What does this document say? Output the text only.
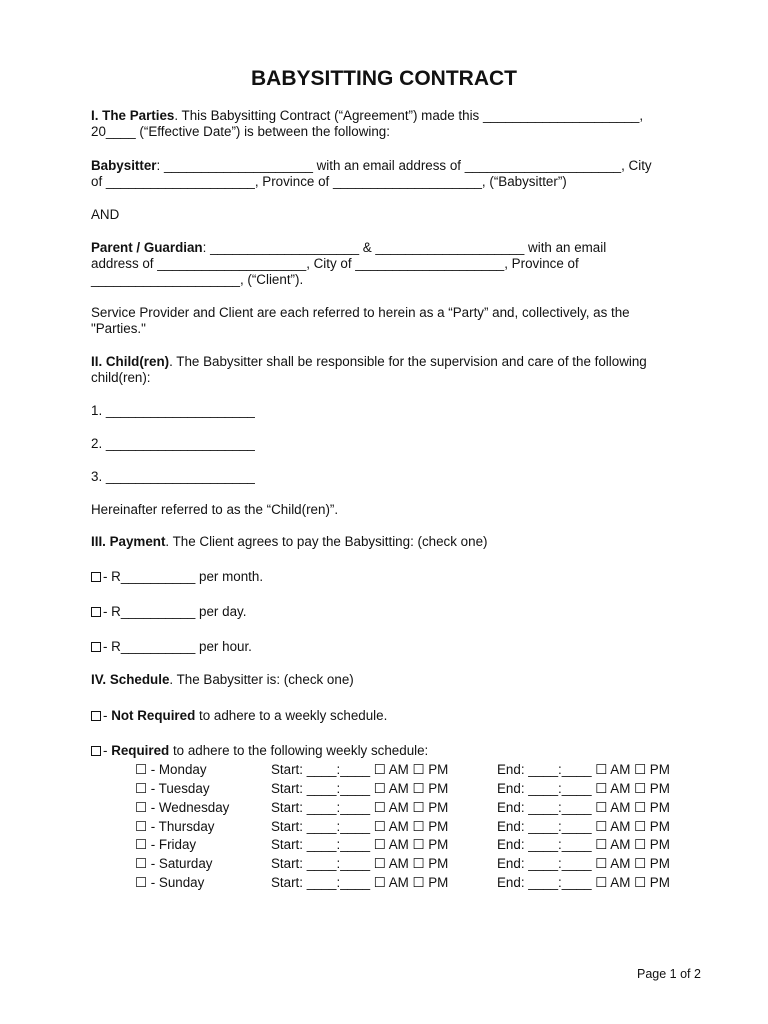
BABYSITTING CONTRACT
I. The Parties. This Babysitting Contract (“Agreement”) made this _____________________,
20____ (“Effective Date”) is between the following:
Babysitter: ____________________ with an email address of _____________________, City
of ____________________, Province of ____________________, (“Babysitter”)
AND
Parent / Guardian: ____________________ & ____________________ with an email
address of ____________________, City of ____________________, Province of
____________________, (“Client”).
Service Provider and Client are each referred to herein as a “Party” and, collectively, as the
"Parties."
II. Child(ren). The Babysitter shall be responsible for the supervision and care of the following
child(ren):
1. ____________________
2. ____________________
3. ____________________
Hereinafter referred to as the “Child(ren)”.
III. Payment. The Client agrees to pay the Babysitting: (check one)
- R__________ per month.
- R__________ per day.
- R__________ per hour.
IV. Schedule. The Babysitter is: (check one)
- Not Required to adhere to a weekly schedule.
- Required to adhere to the following weekly schedule:
☐ - Monday	Start: ____:____ ☐ AM ☐ PM	End: ____:____ ☐ AM ☐ PM
☐ - Tuesday	Start: ____:____ ☐ AM ☐ PM	End: ____:____ ☐ AM ☐ PM
☐ - Wednesday	Start: ____:____ ☐ AM ☐ PM	End: ____:____ ☐ AM ☐ PM
☐ - Thursday	Start: ____:____ ☐ AM ☐ PM	End: ____:____ ☐ AM ☐ PM
☐ - Friday	Start: ____:____ ☐ AM ☐ PM	End: ____:____ ☐ AM ☐ PM
☐ - Saturday	Start: ____:____ ☐ AM ☐ PM	End: ____:____ ☐ AM ☐ PM
☐ - Sunday	Start: ____:____ ☐ AM ☐ PM	End: ____:____ ☐ AM ☐ PM
Page 1 of 2
